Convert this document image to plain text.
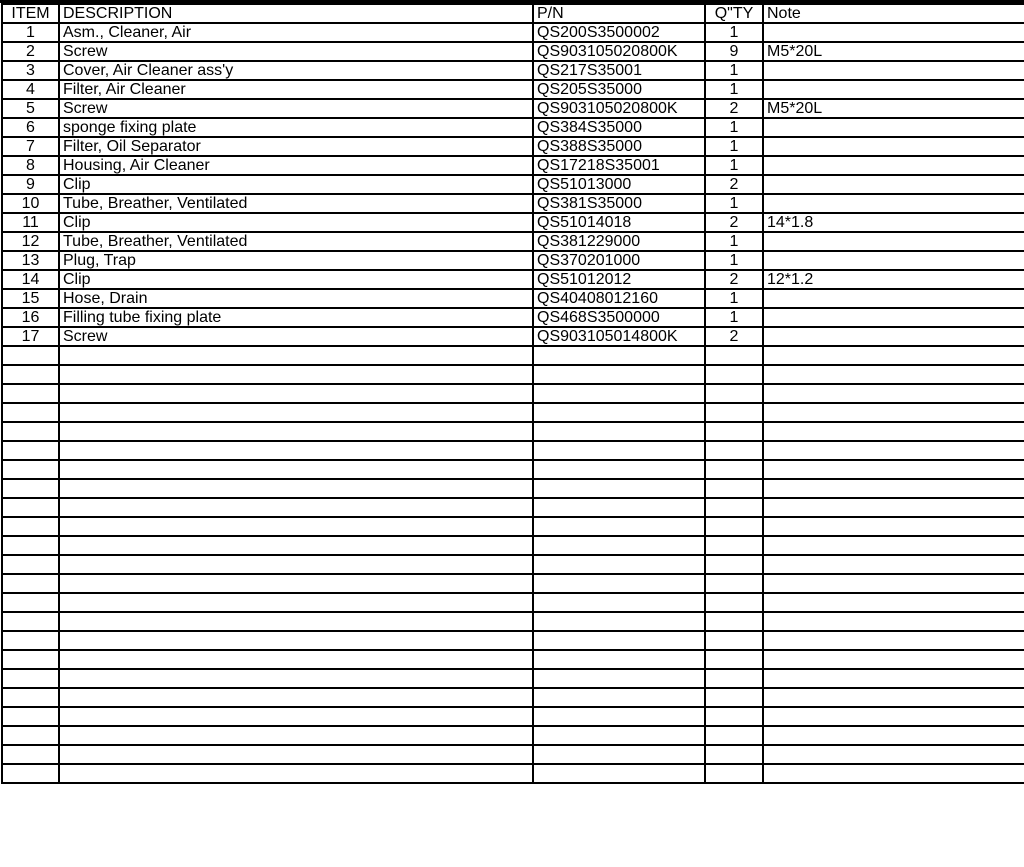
ITEM	DESCRIPTION	P/N	Q"TY	Note
1	Asm., Cleaner, Air	QS200S3500002	1	
2	Screw	QS903105020800K	9	M5*20L
3	Cover, Air Cleaner ass'y	QS217S35001	1	
4	Filter, Air Cleaner	QS205S35000	1	
5	Screw	QS903105020800K	2	M5*20L
6	sponge fixing plate	QS384S35000	1	
7	Filter, Oil Separator	QS388S35000	1	
8	Housing, Air Cleaner	QS17218S35001	1	
9	Clip	QS51013000	2	
10	Tube, Breather, Ventilated	QS381S35000	1	
11	Clip	QS51014018	2	14*1.8
12	Tube, Breather, Ventilated	QS381229000	1	
13	Plug, Trap	QS370201000	1	
14	Clip	QS51012012	2	12*1.2
15	Hose, Drain	QS40408012160	1	
16	Filling tube fixing plate	QS468S3500000	1	
17	Screw	QS903105014800K	2	
